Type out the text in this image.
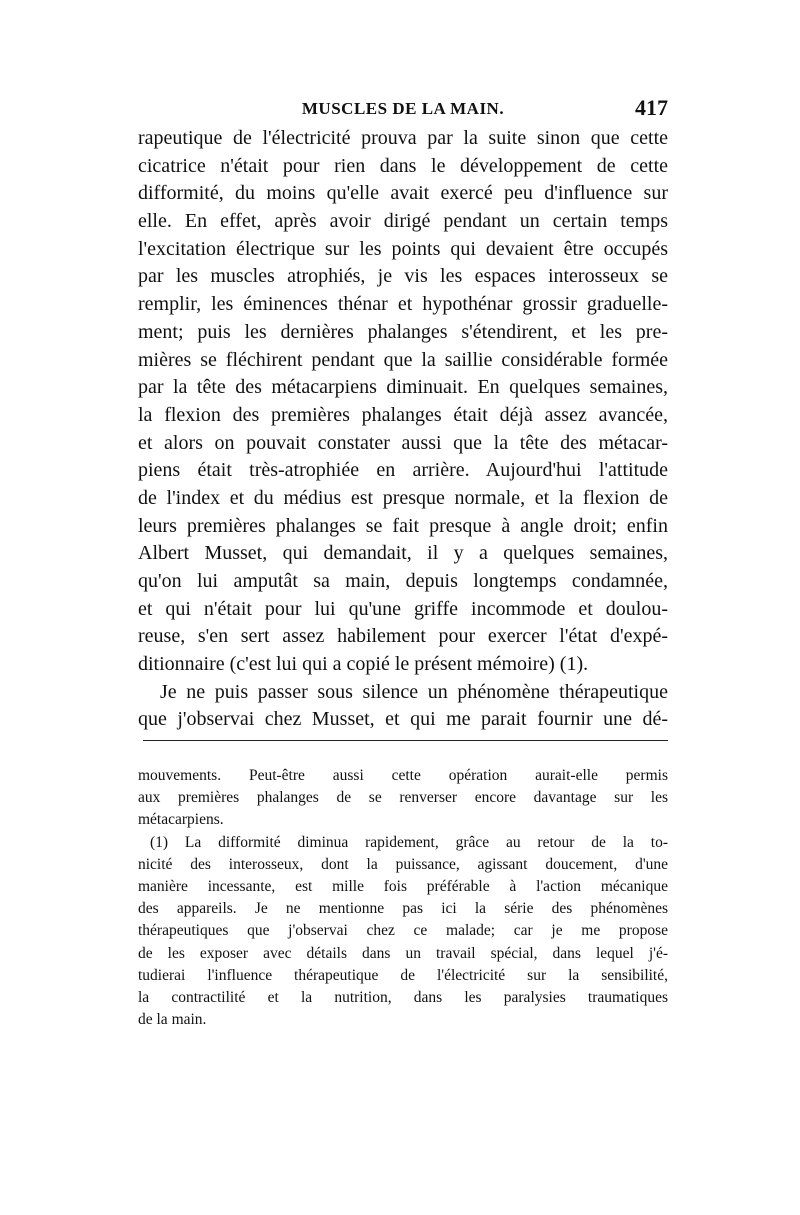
MUSCLES DE LA MAIN.	417
rapeutique de l'électricité prouva par la suite sinon que cette
cicatrice n'était pour rien dans le développement de cette
difformité, du moins qu'elle avait exercé peu d'influence sur
elle. En effet, après avoir dirigé pendant un certain temps
l'excitation électrique sur les points qui devaient être occupés
par les muscles atrophiés, je vis les espaces interosseux se
remplir, les éminences thénar et hypothénar grossir graduelle-
ment; puis les dernières phalanges s'étendirent, et les pre-
mières se fléchirent pendant que la saillie considérable formée
par la tête des métacarpiens diminuait. En quelques semaines,
la flexion des premières phalanges était déjà assez avancée,
et alors on pouvait constater aussi que la tête des métacar-
piens était très-atrophiée en arrière. Aujourd'hui l'attitude
de l'index et du médius est presque normale, et la flexion de
leurs premières phalanges se fait presque à angle droit; enfin
Albert Musset, qui demandait, il y a quelques semaines,
qu'on lui amputât sa main, depuis longtemps condamnée,
et qui n'était pour lui qu'une griffe incommode et doulou-
reuse, s'en sert assez habilement pour exercer l'état d'expé-
ditionnaire (c'est lui qui a copié le présent mémoire) (1).
Je ne puis passer sous silence un phénomène thérapeutique
que j'observai chez Musset, et qui me parait fournir une dé-
mouvements. Peut-être aussi cette opération aurait-elle permis
aux premières phalanges de se renverser encore davantage sur les
métacarpiens.
(1) La difformité diminua rapidement, grâce au retour de la to-
nicité des interosseux, dont la puissance, agissant doucement, d'une
manière incessante, est mille fois préférable à l'action mécanique
des appareils. Je ne mentionne pas ici la série des phénomènes
thérapeutiques que j'observai chez ce malade; car je me propose
de les exposer avec détails dans un travail spécial, dans lequel j'é-
tudierai l'influence thérapeutique de l'électricité sur la sensibilité,
la contractilité et la nutrition, dans les paralysies traumatiques
de la main.
